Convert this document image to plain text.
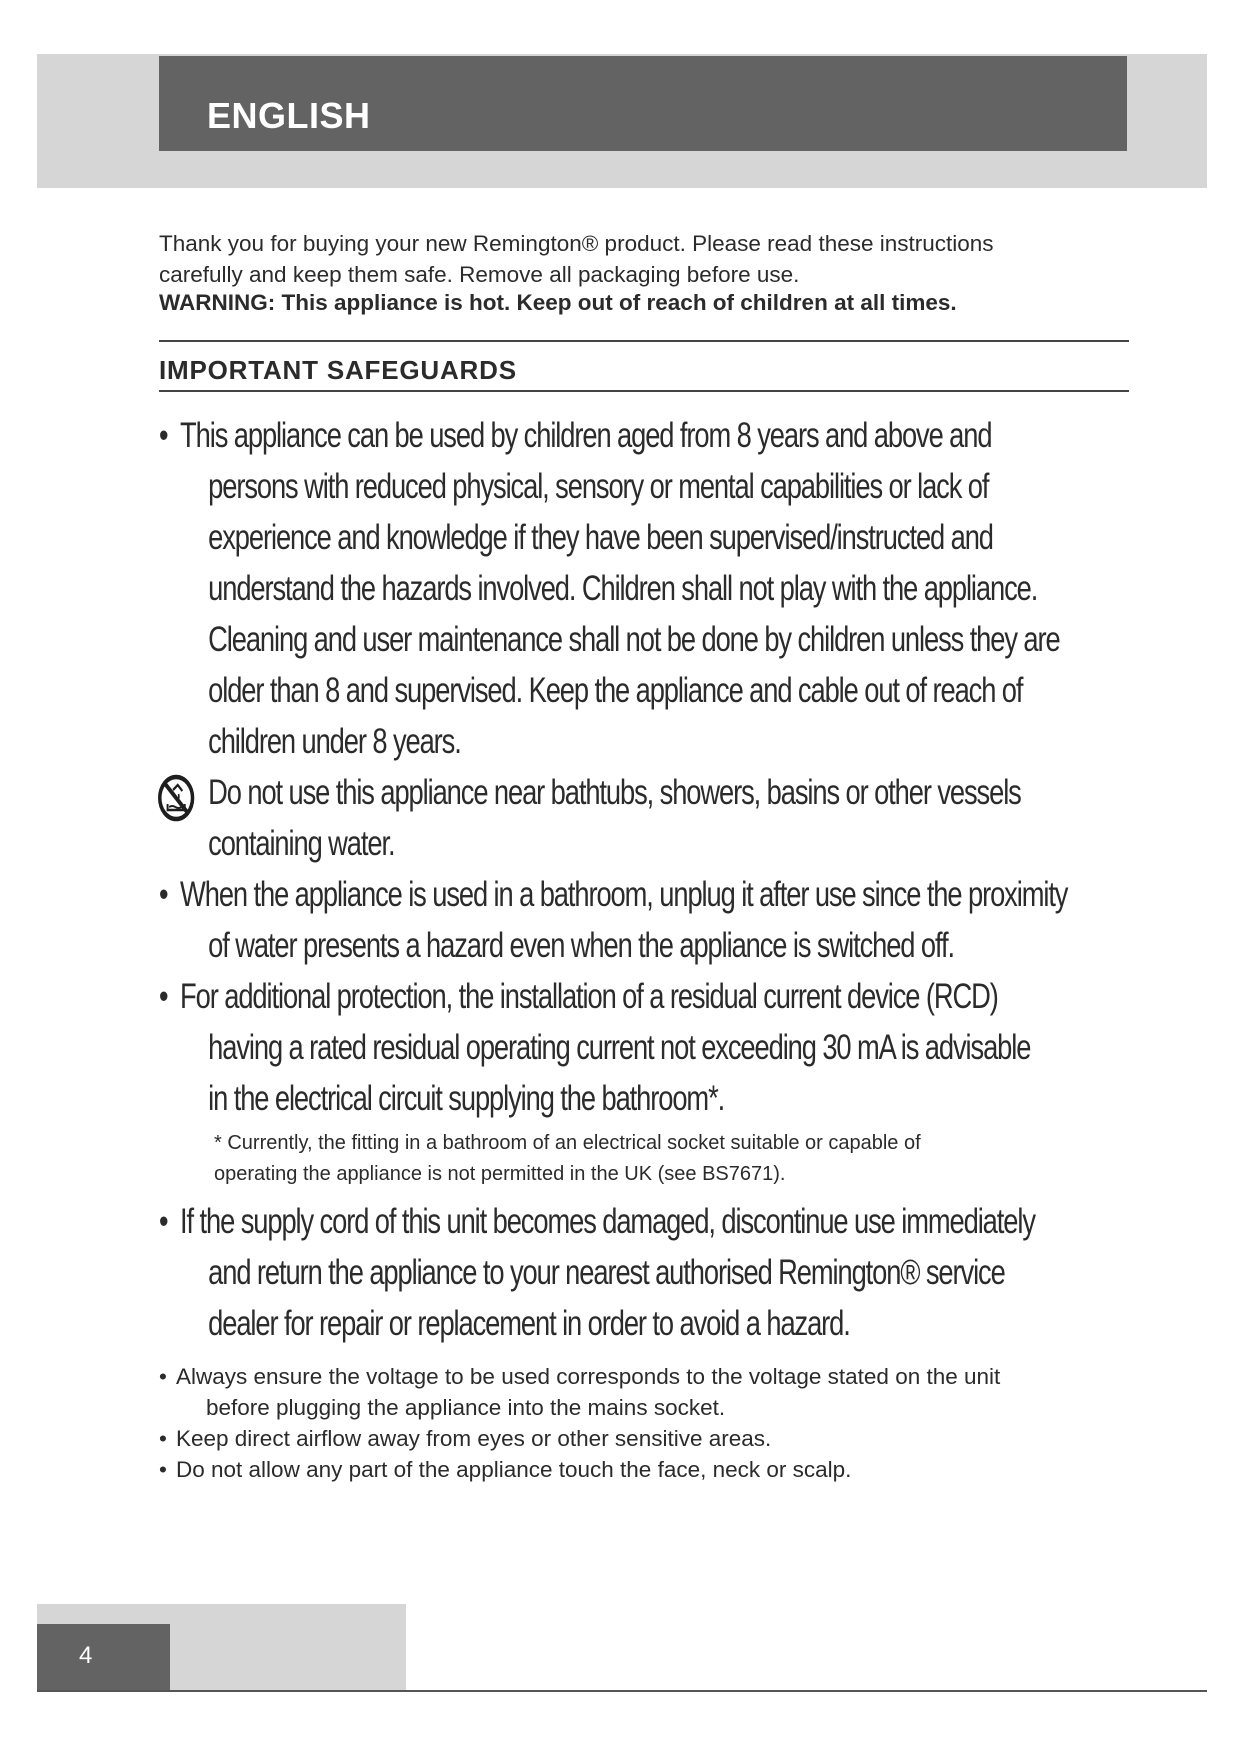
ENGLISH

Thank you for buying your new Remington® product. Please read these instructions

carefully and keep them safe. Remove all packaging before use.

WARNING: This appliance is hot. Keep out of reach of children at all times.

IMPORTANT SAFEGUARDS
• This appliance can be used by children aged from 8 years and above and
persons with reduced physical, sensory or mental capabilities or lack of
experience and knowledge if they have been supervised/instructed and
understand the hazards involved. Children shall not play with the appliance.
Cleaning and user maintenance shall not be done by children unless they are
older than 8 and supervised. Keep the appliance and cable out of reach of
children under 8 years.
Do not use this appliance near bathtubs, showers, basins or other vessels
containing water.
• When the appliance is used in a bathroom, unplug it after use since the proximity
of water presents a hazard even when the appliance is switched off.
• For additional protection, the installation of a residual current device (RCD)
having a rated residual operating current not exceeding 30 mA is advisable
in the electrical circuit supplying the bathroom*.
* Currently, the fitting in a bathroom of an electrical socket suitable or capable of
operating the appliance is not permitted in the UK (see BS7671).
• If the supply cord of this unit becomes damaged, discontinue use immediately
and return the appliance to your nearest authorised Remington® service
dealer for repair or replacement in order to avoid a hazard.
• Always ensure the voltage to be used corresponds to the voltage stated on the unit
before plugging the appliance into the mains socket.
• Keep direct airflow away from eyes or other sensitive areas.
• Do not allow any part of the appliance touch the face, neck or scalp.
4
